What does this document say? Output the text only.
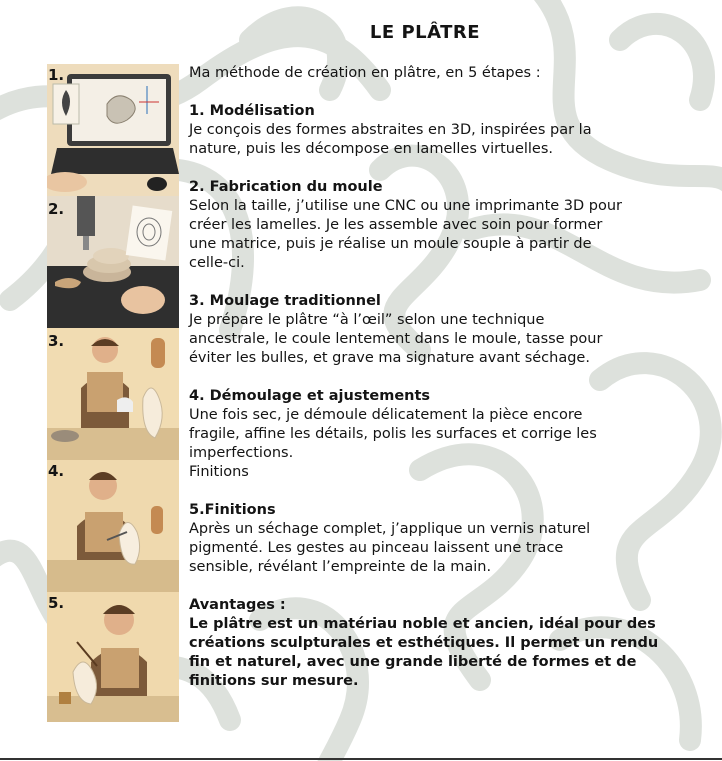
LE PLÂTRE
1.
2.
3.
4.
5.

Ma méthode de création en plâtre, en 5 étapes :

1. Modélisation

Je conçois des formes abstraites en 3D, inspirées par la

nature, puis les décompose en lamelles virtuelles.

2. Fabrication du moule

Selon la taille, j’utilise une CNC ou une imprimante 3D pour

créer les lamelles. Je les assemble avec soin pour former

une matrice, puis je réalise un moule souple à partir de

celle-ci.

3. Moulage traditionnel

Je prépare le plâtre “à l’œil” selon une technique

ancestrale, le coule lentement dans le moule, tasse pour

éviter les bulles, et grave ma signature avant séchage.

4. Démoulage et ajustements

Une fois sec, je démoule délicatement la pièce encore

fragile, affine les détails, polis les surfaces et corrige les

imperfections.

Finitions

5.Finitions

Après un séchage complet, j’applique un vernis naturel

pigmenté. Les gestes au pinceau laissent une trace

sensible, révélant l’empreinte de la main.

Avantages :

Le plâtre est un matériau noble et ancien, idéal pour des

créations sculpturales et esthétiques. Il permet un rendu

fin et naturel, avec une grande liberté de formes et de

finitions sur mesure.
